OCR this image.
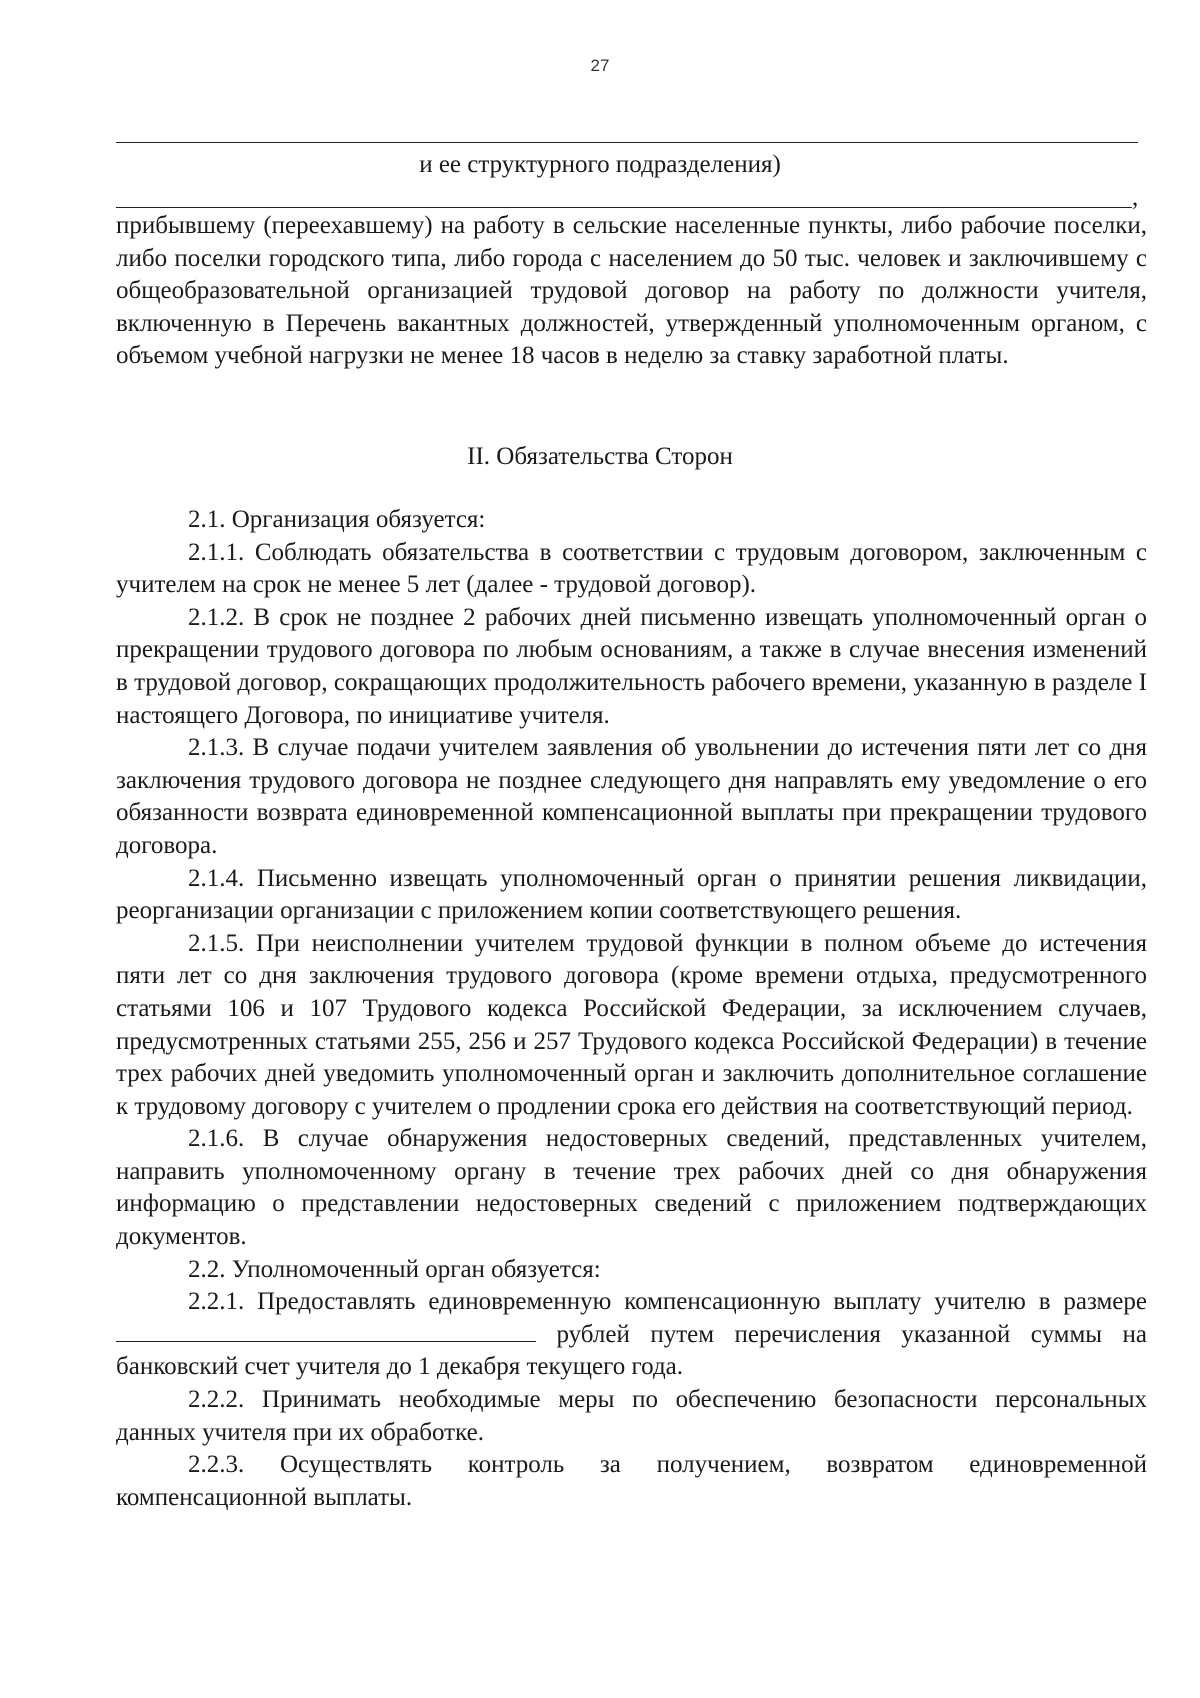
27
и ее структурного подразделения)
,
прибывшему (переехавшему) на работу в сельские населенные пункты, либо рабочие поселки, либо поселки городского типа, либо города с населением до 50 тыс. человек и заключившему с общеобразовательной организацией трудовой договор на работу по должности учителя, включенную в Перечень вакантных должностей, утвержденный уполномоченным органом, с объемом учебной нагрузки не менее 18 часов в неделю за ставку заработной платы.
II. Обязательства Сторон

2.1. Организация обязуется:

2.1.1. Соблюдать обязательства в соответствии с трудовым договором, заключенным с учителем на срок не менее 5 лет (далее - трудовой договор).

2.1.2. В срок не позднее 2 рабочих дней письменно извещать уполномоченный орган о прекращении трудового договора по любым основаниям, а также в случае внесения изменений в трудовой договор, сокращающих продолжительность рабочего времени, указанную в разделе I настоящего Договора, по инициативе учителя.

2.1.3. В случае подачи учителем заявления об увольнении до истечения пяти лет со дня заключения трудового договора не позднее следующего дня направлять ему уведомление о его обязанности возврата единовременной компенсационной выплаты при прекращении трудового договора.

2.1.4. Письменно извещать уполномоченный орган о принятии решения ликвидации, реорганизации организации с приложением копии соответствующего решения.

2.1.5. При неисполнении учителем трудовой функции в полном объеме до истечения пяти лет со дня заключения трудового договора (кроме времени отдыха, предусмотренного статьями 106 и 107 Трудового кодекса Российской Федерации, за исключением случаев, предусмотренных статьями 255, 256 и 257 Трудового кодекса Российской Федерации) в течение трех рабочих дней уведомить уполномоченный орган и заключить дополнительное соглашение к трудовому договору с учителем о продлении срока его действия на соответствующий период.

2.1.6. В случае обнаружения недостоверных сведений, представленных учителем, направить уполномоченному органу в течение трех рабочих дней со дня обнаружения информацию о представлении недостоверных сведений с приложением подтверждающих документов.

2.2. Уполномоченный орган обязуется:

2.2.1. Предоставлять единовременную компенсационную выплату учителю в размере  рублей путем перечисления указанной суммы на банковский счет учителя до 1 декабря текущего года.

2.2.2. Принимать необходимые меры по обеспечению безопасности персональных данных учителя при их обработке.

2.2.3. Осуществлять контроль за получением, возвратом единовременной компенсационной выплаты.
